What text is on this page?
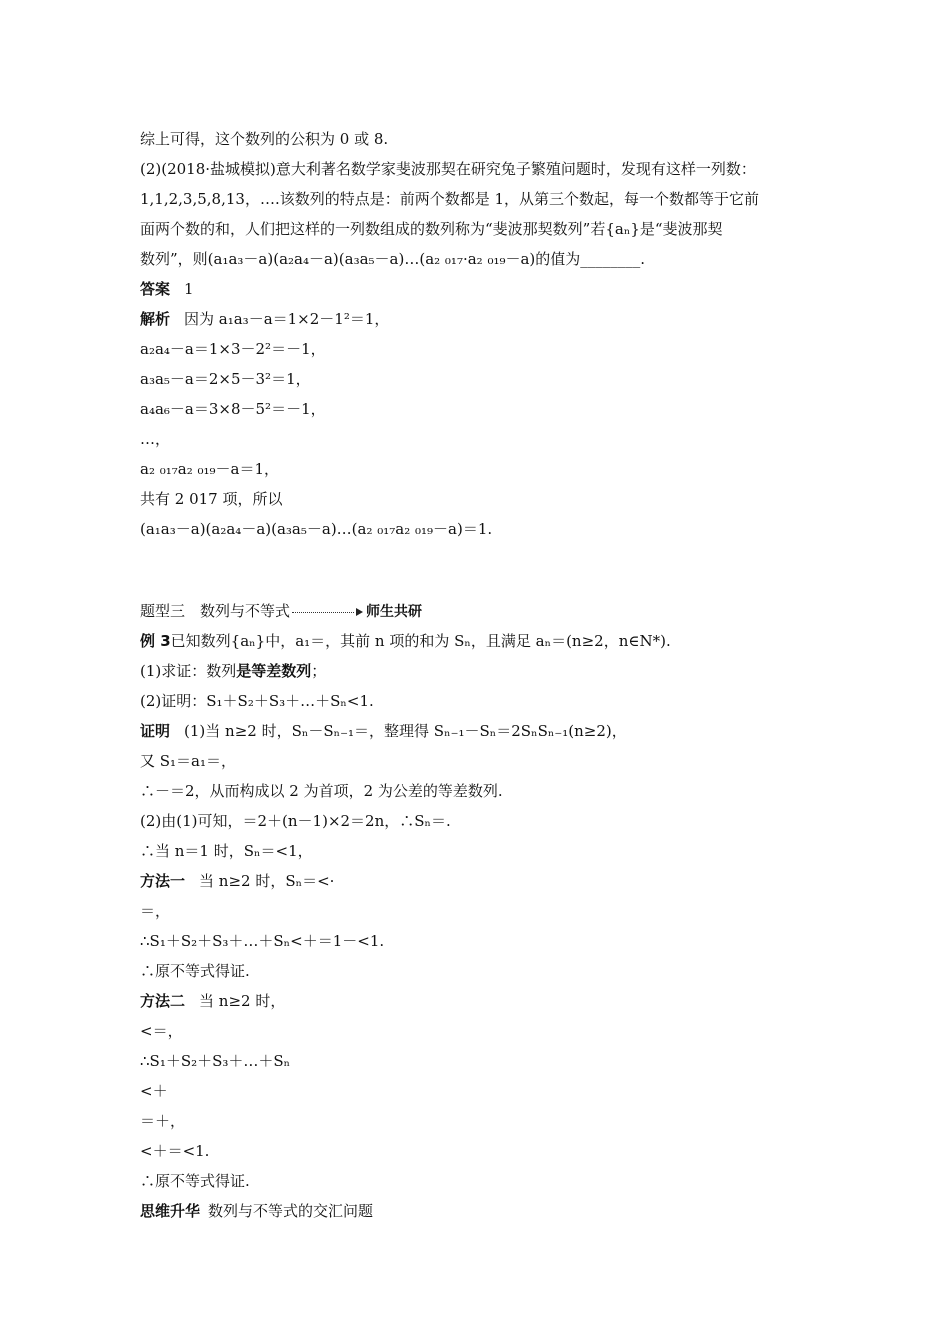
综上可得，这个数列的公积为 0 或 8.
(2)(2018·盐城模拟)意大利著名数学家斐波那契在研究兔子繁殖问题时，发现有这样一列数：
1,1,2,3,5,8,13，….该数列的特点是：前两个数都是 1，从第三个数起，每一个数都等于它前
面两个数的和，人们把这样的一列数组成的数列称为“斐波那契数列”若{aₙ}是“斐波那契
数列”，则(a₁a₃－a)(a₂a₄－a)(a₃a₅－a)…(a₂ ₀₁₇·a₂ ₀₁₉－a)的值为________.
答案 1
解析 因为 a₁a₃－a＝1×2－1²＝1，
a₂a₄－a＝1×3－2²＝－1，
a₃a₅－a＝2×5－3²＝1，
a₄a₆－a＝3×8－5²＝－1，
…，
a₂ ₀₁₇a₂ ₀₁₉－a＝1，
共有 2 017 项，所以
(a₁a₃－a)(a₂a₄－a)(a₃a₅－a)…(a₂ ₀₁₇a₂ ₀₁₉－a)＝1.
题型三　数列与不等式	师生共研
例 3已知数列{aₙ}中，a₁＝，其前 n 项的和为 Sₙ，且满足 aₙ＝(n≥2，n∈N*).
(1)求证：数列是等差数列；
(2)证明：S₁＋S₂＋S₃＋…＋Sₙ<1.
证明 (1)当 n≥2 时，Sₙ－Sₙ₋₁＝，整理得 Sₙ₋₁－Sₙ＝2SₙSₙ₋₁(n≥2)，
又 S₁＝a₁＝，
∴－＝2，从而构成以 2 为首项，2 为公差的等差数列.
(2)由(1)可知，＝2＋(n－1)×2＝2n，∴Sₙ＝.
∴当 n＝1 时，Sₙ＝<1，
方法一 当 n≥2 时，Sₙ＝<·
＝，
∴S₁＋S₂＋S₃＋…＋Sₙ<＋＝1－<1.
∴原不等式得证.
方法二 当 n≥2 时，
<＝，
∴S₁＋S₂＋S₃＋…＋Sₙ
<＋
＝＋，
<＋＝<1.
∴原不等式得证.
思维升华 数列与不等式的交汇问题
